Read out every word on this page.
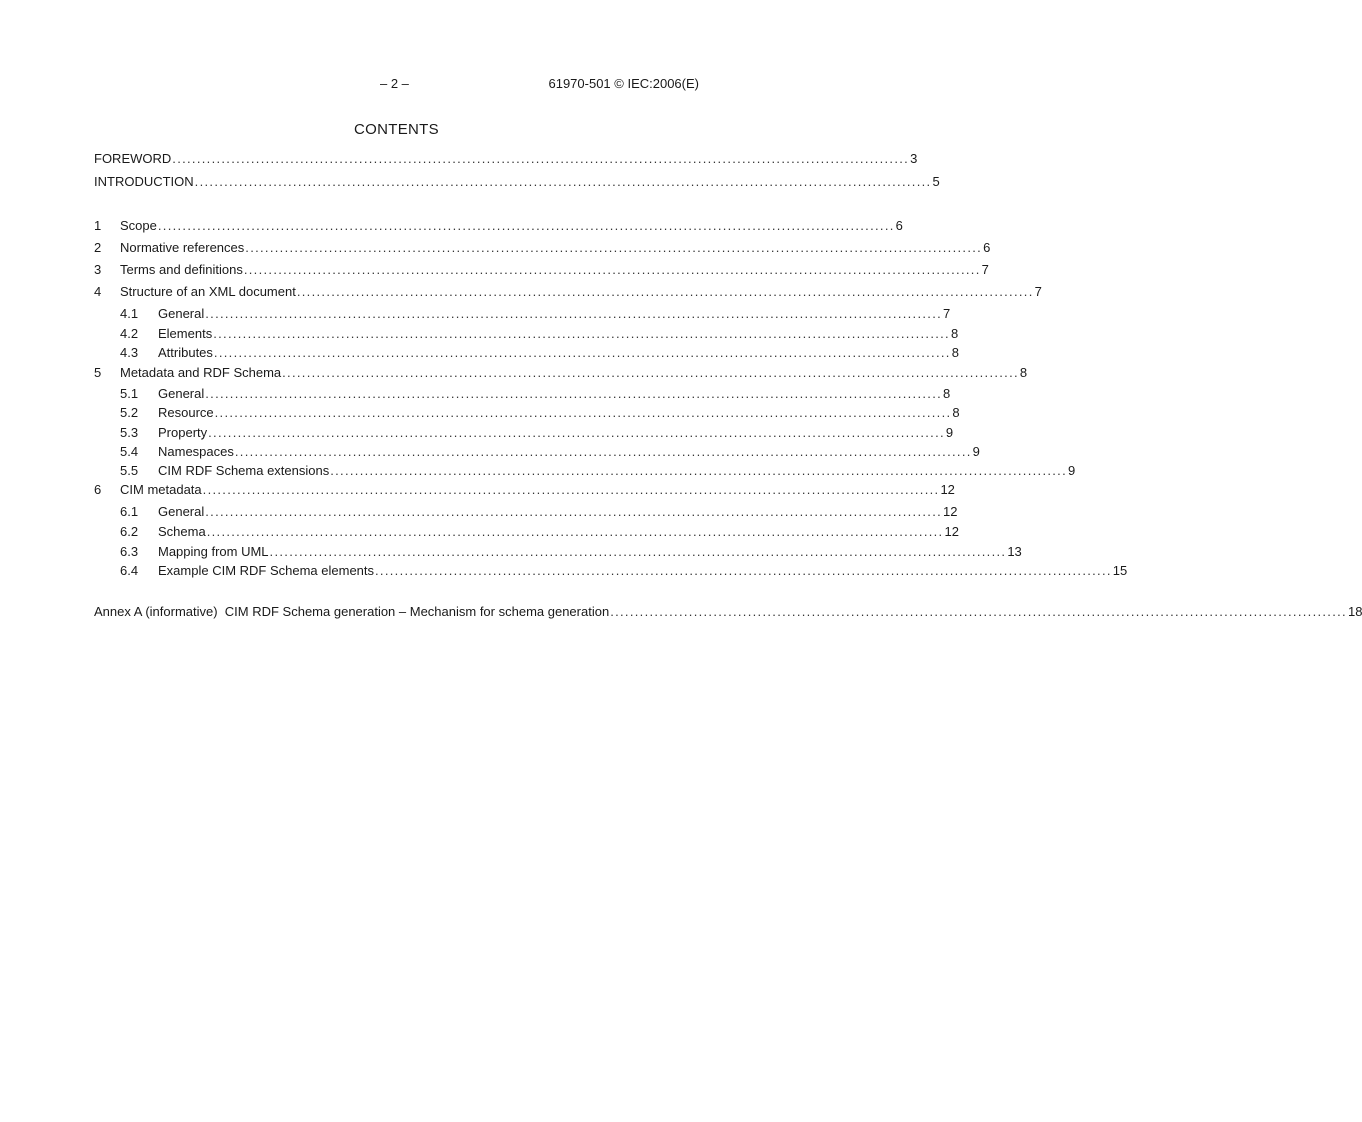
– 2 –	61970-501 © IEC:2006(E)
CONTENTS
FOREWORD ...................................................................................................................................................... 3
INTRODUCTION ...................................................................................................................................................... 5
1	Scope ...................................................................................................................................................... 6
2	Normative references ...................................................................................................................................................... 6
3	Terms and definitions ...................................................................................................................................................... 7
4	Structure of an XML document ...................................................................................................................................................... 7
4.1	General ...................................................................................................................................................... 7
4.2	Elements ...................................................................................................................................................... 8
4.3	Attributes ...................................................................................................................................................... 8
5	Metadata and RDF Schema ...................................................................................................................................................... 8
5.1	General ...................................................................................................................................................... 8
5.2	Resource ...................................................................................................................................................... 8
5.3	Property ...................................................................................................................................................... 9
5.4	Namespaces ...................................................................................................................................................... 9
5.5	CIM RDF Schema extensions ...................................................................................................................................................... 9
6	CIM metadata ...................................................................................................................................................... 12
6.1	General ...................................................................................................................................................... 12
6.2	Schema ...................................................................................................................................................... 12
6.3	Mapping from UML ...................................................................................................................................................... 13
6.4	Example CIM RDF Schema elements ...................................................................................................................................................... 15
Annex A (informative)  CIM RDF Schema generation – Mechanism for schema generation ...................................................................................................................................................... 18
